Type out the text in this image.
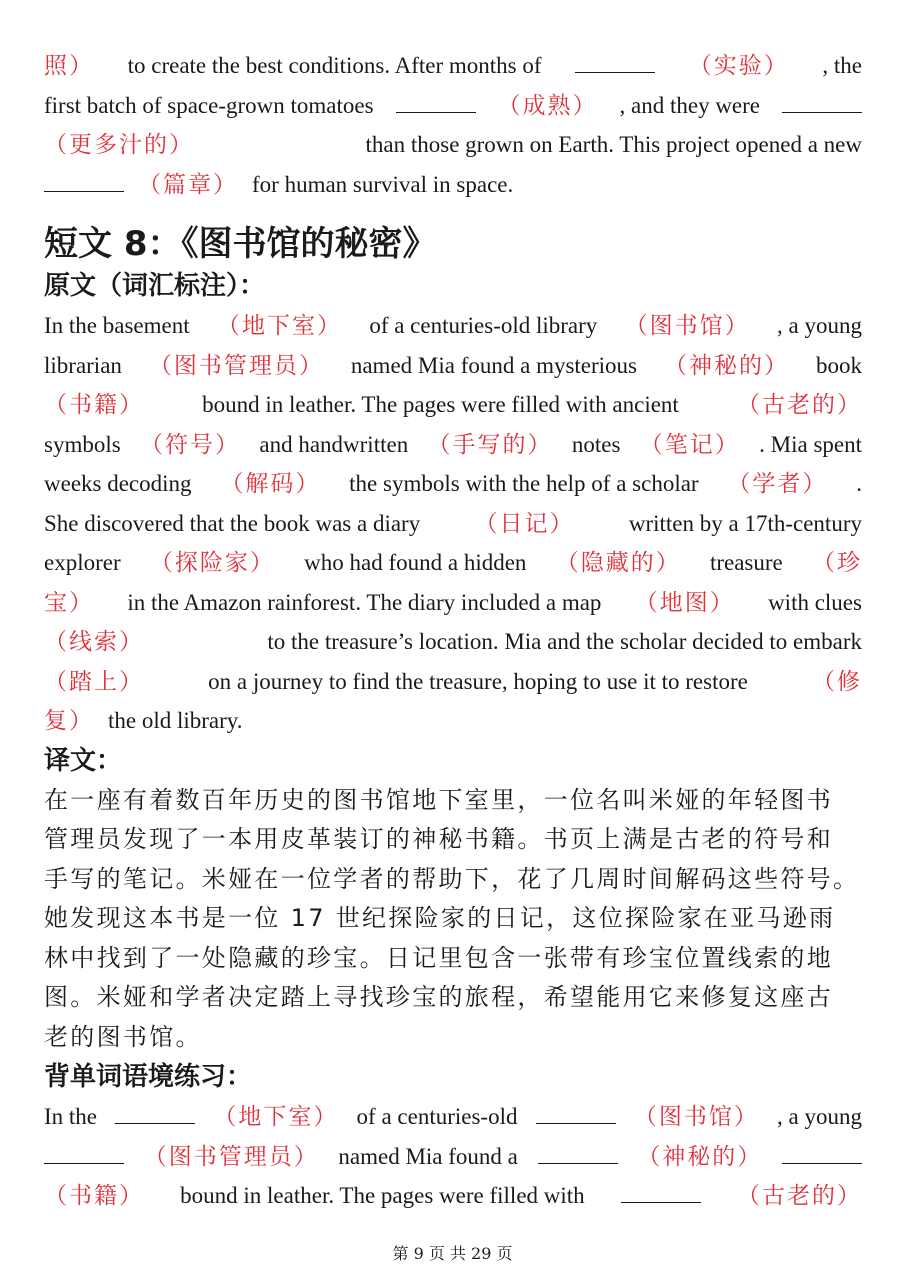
照） to create the best conditions. After months of	（实验） , the
first batch of space-grown tomatoes	（成熟） , and they were
（更多汁的）	than those grown on Earth. This project opened a new
（篇章） for human survival in space.
短文 8：《图书馆的秘密》
原文（词汇标注）：
In the basement （地下室） of a centuries-old library （图书馆） , a young
librarian （图书管理员） named Mia found a mysterious （神秘的） book
（书籍）	bound in leather. The pages were filled with ancient	（古老的）
symbols （符号） and handwritten （手写的） notes （笔记） . Mia spent
weeks decoding （解码） the symbols with the help of a scholar （学者） .
She discovered that the book was a diary （日记） written by a 17th-century
explorer （探险家） who had found a hidden （隐藏的） treasure （珍
宝） in the Amazon rainforest. The diary included a map （地图） with clues
（线索）	to the treasure’s location. Mia and the scholar decided to embark
（踏上）	on a journey to find the treasure, hoping to use it to restore	（修
复） the old library.
译文：
在一座有着数百年历史的图书馆地下室里，一位名叫米娅的年轻图书
管理员发现了一本用皮革装订的神秘书籍。书页上满是古老的符号和
手写的笔记。米娅在一位学者的帮助下，花了几周时间解码这些符号。
她发现这本书是一位 17 世纪探险家的日记，这位探险家在亚马逊雨
林中找到了一处隐藏的珍宝。日记里包含一张带有珍宝位置线索的地
图。米娅和学者决定踏上寻找珍宝的旅程，希望能用它来修复这座古
老的图书馆。
背单词语境练习：
In the	（地下室） of a centuries-old	（图书馆） , a young
（图书管理员） named Mia found a	（神秘的）
（书籍） bound in leather. The pages were filled with	（古老的）
第 9 页 共 29 页
